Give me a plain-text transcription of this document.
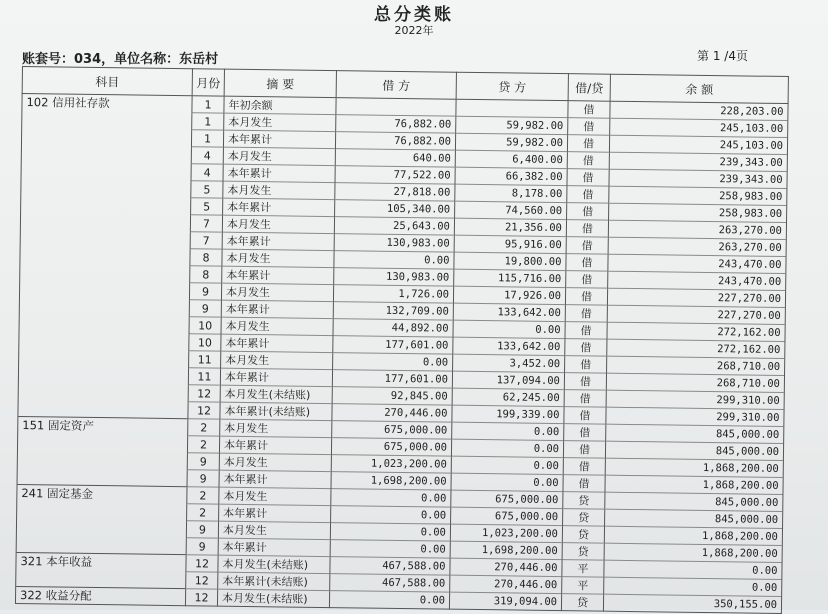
总分类账
2022年
账套号：034，单位名称：东岳村	第 1 /4页
科目	月份	摘 要	借 方	贷 方	借/贷	余 额
102 信用社存款	1	年初余额			借	228,203.00
	1	本月发生	76,882.00	59,982.00	借	245,103.00
	1	本年累计	76,882.00	59,982.00	借	245,103.00
	4	本月发生	640.00	6,400.00	借	239,343.00
	4	本年累计	77,522.00	66,382.00	借	239,343.00
	5	本月发生	27,818.00	8,178.00	借	258,983.00
	5	本年累计	105,340.00	74,560.00	借	258,983.00
	7	本月发生	25,643.00	21,356.00	借	263,270.00
	7	本年累计	130,983.00	95,916.00	借	263,270.00
	8	本月发生	0.00	19,800.00	借	243,470.00
	8	本年累计	130,983.00	115,716.00	借	243,470.00
	9	本月发生	1,726.00	17,926.00	借	227,270.00
	9	本年累计	132,709.00	133,642.00	借	227,270.00
	10	本月发生	44,892.00	0.00	借	272,162.00
	10	本年累计	177,601.00	133,642.00	借	272,162.00
	11	本月发生	0.00	3,452.00	借	268,710.00
	11	本年累计	177,601.00	137,094.00	借	268,710.00
	12	本月发生(未结账)	92,845.00	62,245.00	借	299,310.00
	12	本年累计(未结账)	270,446.00	199,339.00	借	299,310.00
151 固定资产	2	本月发生	675,000.00	0.00	借	845,000.00
	2	本年累计	675,000.00	0.00	借	845,000.00
	9	本月发生	1,023,200.00	0.00	借	1,868,200.00
	9	本年累计	1,698,200.00	0.00	借	1,868,200.00
241 固定基金	2	本月发生	0.00	675,000.00	贷	845,000.00
	2	本年累计	0.00	675,000.00	贷	845,000.00
	9	本月发生	0.00	1,023,200.00	贷	1,868,200.00
	9	本年累计	0.00	1,698,200.00	贷	1,868,200.00
321 本年收益	12	本月发生(未结账)	467,588.00	270,446.00	平	0.00
	12	本年累计(未结账)	467,588.00	270,446.00	平	0.00
322 收益分配	12	本月发生(未结账)	0.00	319,094.00	贷	350,155.00
